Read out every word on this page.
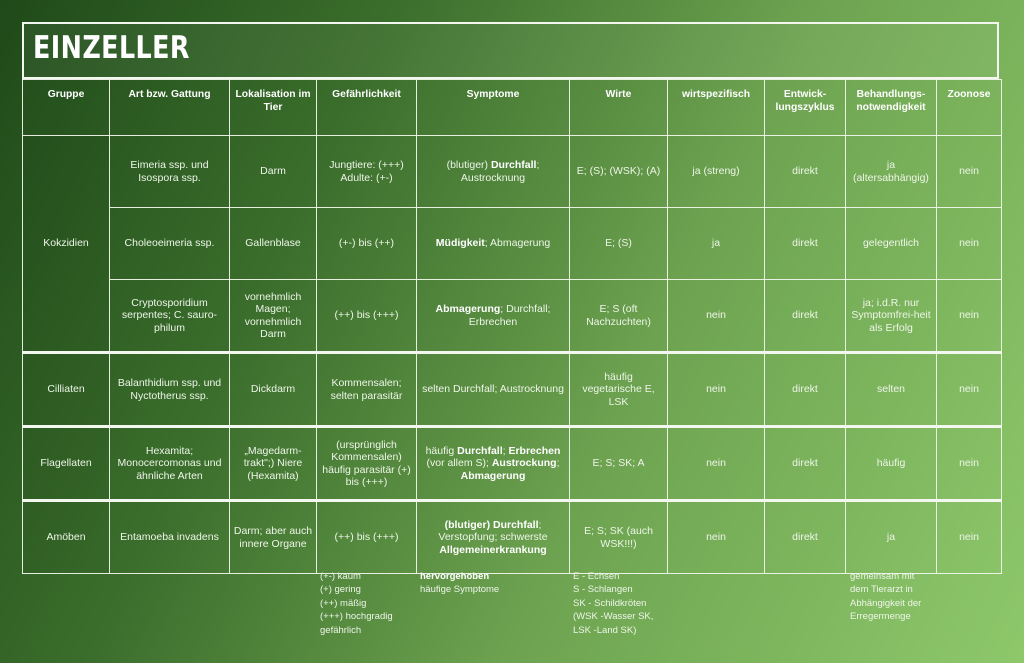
EINZELLER
Gruppe	Art bzw. Gattung	Lokalisation im Tier	Gefährlichkeit	Symptome	Wirte	wirtspezifisch	Entwick-lungszyklus	Behandlungs-notwendigkeit	Zoonose
Kokzidien	Eimeria ssp. und Isospora ssp.	Darm	Jungtiere: (+++) Adulte: (+-)	(blutiger) Durchfall; Austrocknung	E; (S); (WSK); (A)	ja (streng)	direkt	ja (altersabhängig)	nein
	Choleoeimeria ssp.	Gallenblase	(+-) bis (++)	Müdigkeit; Abmagerung	E; (S)	ja	direkt	gelegentlich	nein
	Cryptosporidium serpentes; C. sauro-philum	vornehmlich Magen; vornehmlich Darm	(++) bis (+++)	Abmagerung; Durchfall; Erbrechen	E; S (oft Nachzuchten)	nein	direkt	ja; i.d.R. nur Symptomfrei-heit als Erfolg	nein
Cilliaten	Balanthidium ssp. und Nyctotherus ssp.	Dickdarm	Kommensalen; selten parasitär	selten Durchfall; Austrocknung	häufig vegetarische E, LSK	nein	direkt	selten	nein
Flagellaten	Hexamita; Monocercomonas und ähnliche Arten	„Magedarm-trakt";) Niere (Hexamita)	(ursprünglich Kommensalen) häufig parasitär (+) bis (+++)	häufig Durchfall; Erbrechen (vor allem S); Austrockung; Abmagerung	E; S; SK; A	nein	direkt	häufig	nein
Amöben	Entamoeba invadens	Darm; aber auch innere Organe	(++) bis (+++)	(blutiger) Durchfall; Verstopfung; schwerste Allgemeinerkrankung	E; S; SK (auch WSK!!!)	nein	direkt	ja	nein
(+-) kaum
(+) gering
(++) mäßig
(+++) hochgradig gefährlich
hervorgehoben
häufige Symptome
E - Echsen
S - Schlangen
SK - Schildkröten
(WSK -Wasser SK,
LSK -Land SK)
gemeinsam mit
dem Tierarzt in
Abhängigkeit der
Erregermenge
